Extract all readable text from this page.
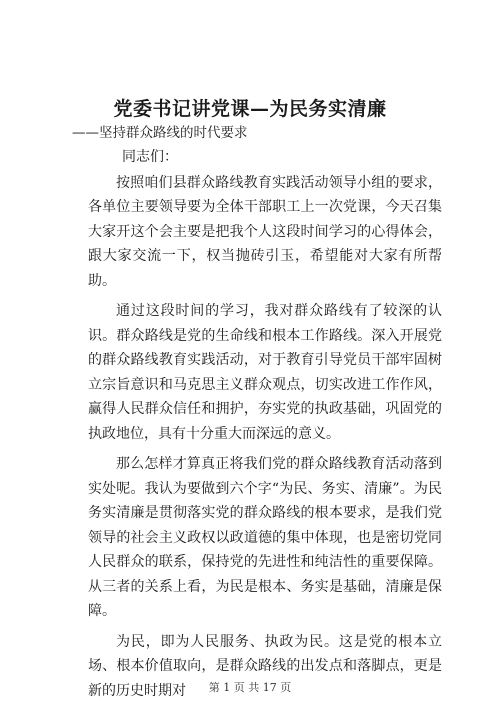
党委书记讲党课—为民务实清廉
——坚持群众路线的时代要求

同志们：

按照咱们县群众路线教育实践活动领导小组的要求，各单位主要领导要为全体干部职工上一次党课，今天召集大家开这个会主要是把我个人这段时间学习的心得体会，跟大家交流一下，权当抛砖引玉，希望能对大家有所帮助。

通过这段时间的学习，我对群众路线有了较深的认识。群众路线是党的生命线和根本工作路线。深入开展党的群众路线教育实践活动，对于教育引导党员干部牢固树立宗旨意识和马克思主义群众观点，切实改进工作作风，赢得人民群众信任和拥护，夯实党的执政基础，巩固党的执政地位，具有十分重大而深远的意义。

那么怎样才算真正将我们党的群众路线教育活动落到实处呢。我认为要做到六个字“为民、务实、清廉”。为民务实清廉是贯彻落实党的群众路线的根本要求，是我们党领导的社会主义政权以政道德的集中体现，也是密切党同人民群众的联系，保持党的先进性和纯洁性的重要保障。从三者的关系上看，为民是根本、务实是基础，清廉是保障。

为民，即为人民服务、执政为民。这是党的根本立场、根本价值取向，是群众路线的出发点和落脚点，更是新的历史时期对	第 1 页 共 17 页
